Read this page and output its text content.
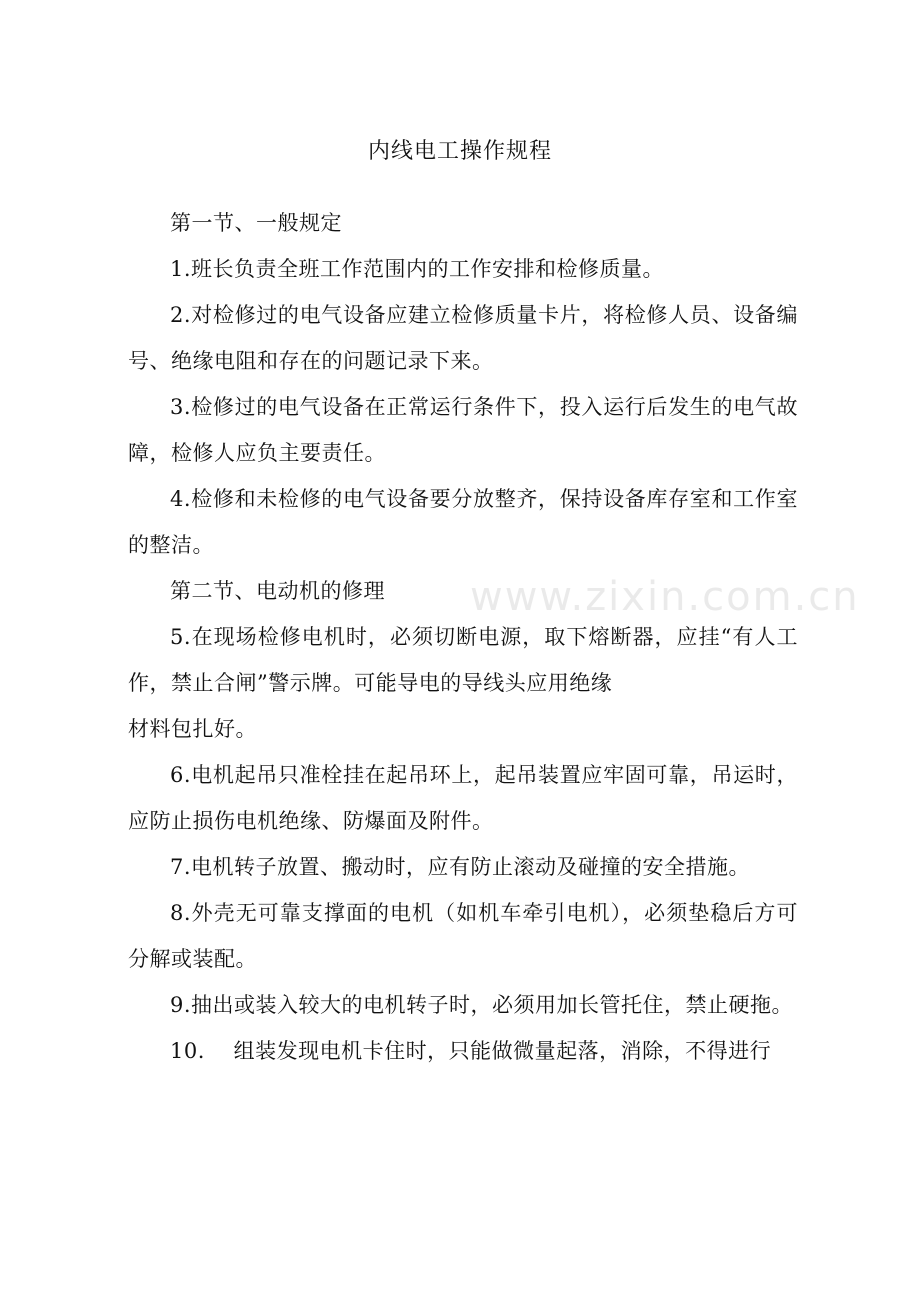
内线电工操作规程

第一节、一般规定

1.班长负责全班工作范围内的工作安排和检修质量。

2.对检修过的电气设备应建立检修质量卡片，将检修人员、设备编号、绝缘电阻和存在的问题记录下来。

3.检修过的电气设备在正常运行条件下，投入运行后发生的电气故障，检修人应负主要责任。

4.检修和未检修的电气设备要分放整齐，保持设备库存室和工作室的整洁。

第二节、电动机的修理

5.在现场检修电机时，必须切断电源，取下熔断器，应挂“有人工作，禁止合闸”警示牌。可能导电的导线头应用绝缘

材料包扎好。

6.电机起吊只准栓挂在起吊环上，起吊装置应牢固可靠，吊运时，应防止损伤电机绝缘、防爆面及附件。

7.电机转子放置、搬动时，应有防止滚动及碰撞的安全措施。

8.外壳无可靠支撑面的电机（如机车牵引电机），必须垫稳后方可分解或装配。

9.抽出或装入较大的电机转子时，必须用加长管托住，禁止硬拖。

10.　 组装发现电机卡住时，只能做微量起落，消除，不得进行

www.zixin.com.cn
